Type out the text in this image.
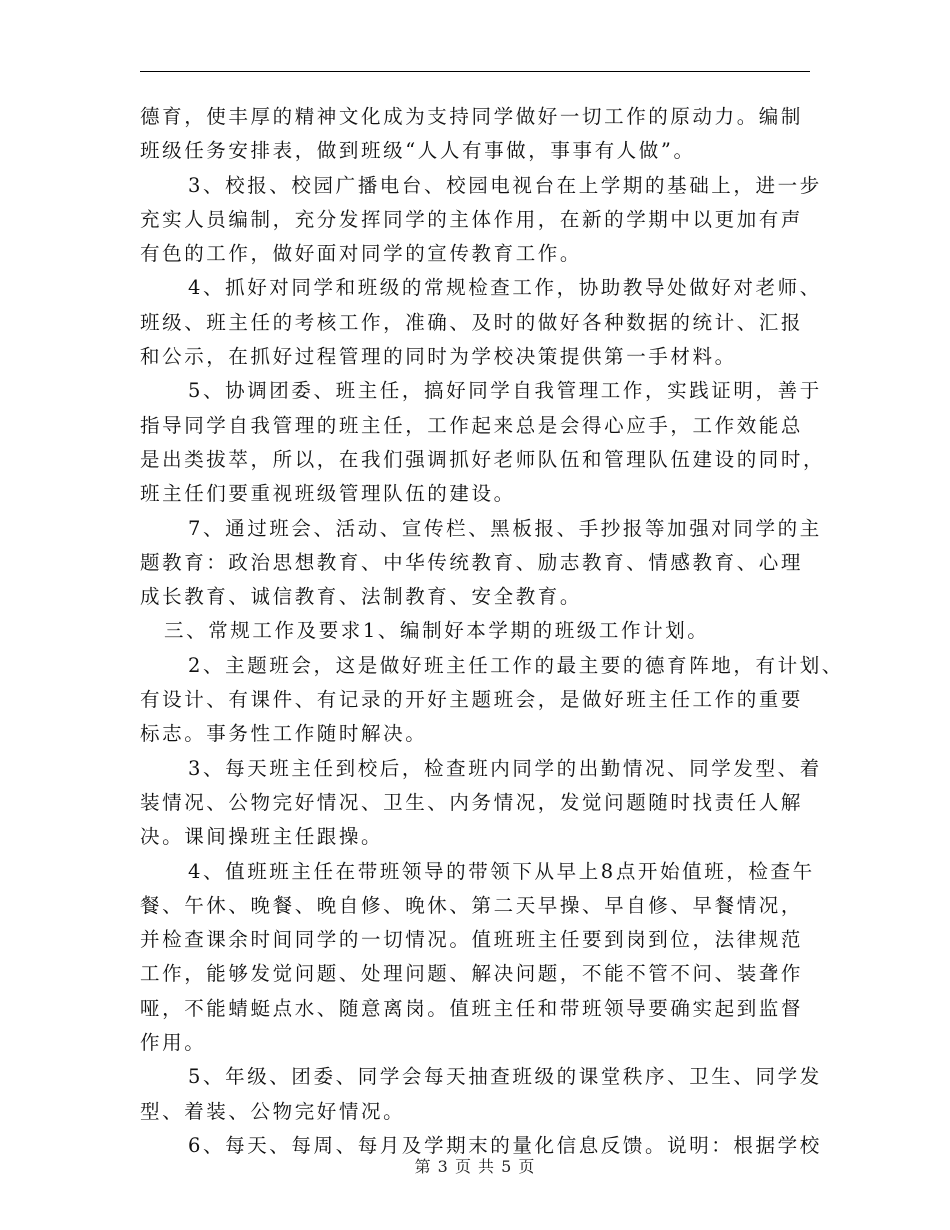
德育，使丰厚的精神文化成为支持同学做好一切工作的原动力。编制
班级任务安排表，做到班级“人人有事做，事事有人做”。
3、校报、校园广播电台、校园电视台在上学期的基础上，进一步
充实人员编制，充分发挥同学的主体作用，在新的学期中以更加有声
有色的工作，做好面对同学的宣传教育工作。
4、抓好对同学和班级的常规检查工作，协助教导处做好对老师、
班级、班主任的考核工作，准确、及时的做好各种数据的统计、汇报
和公示，在抓好过程管理的同时为学校决策提供第一手材料。
5、协调团委、班主任，搞好同学自我管理工作，实践证明，善于
指导同学自我管理的班主任，工作起来总是会得心应手，工作效能总
是出类拔萃，所以，在我们强调抓好老师队伍和管理队伍建设的同时，
班主任们要重视班级管理队伍的建设。
7、通过班会、活动、宣传栏、黑板报、手抄报等加强对同学的主
题教育：政治思想教育、中华传统教育、励志教育、情感教育、心理
成长教育、诚信教育、法制教育、安全教育。
三、常规工作及要求1、编制好本学期的班级工作计划。
2、主题班会，这是做好班主任工作的最主要的德育阵地，有计划、
有设计、有课件、有记录的开好主题班会，是做好班主任工作的重要
标志。事务性工作随时解决。
3、每天班主任到校后，检查班内同学的出勤情况、同学发型、着
装情况、公物完好情况、卫生、内务情况，发觉问题随时找责任人解
决。课间操班主任跟操。
4、值班班主任在带班领导的带领下从早上8点开始值班，检查午
餐、午休、晚餐、晚自修、晚休、第二天早操、早自修、早餐情况，
并检查课余时间同学的一切情况。值班班主任要到岗到位，法律规范
工作，能够发觉问题、处理问题、解决问题，不能不管不问、装聋作
哑，不能蜻蜓点水、随意离岗。值班主任和带班领导要确实起到监督
作用。
5、年级、团委、同学会每天抽查班级的课堂秩序、卫生、同学发
型、着装、公物完好情况。
6、每天、每周、每月及学期末的量化信息反馈。说明：根据学校
第 3 页 共 5 页
